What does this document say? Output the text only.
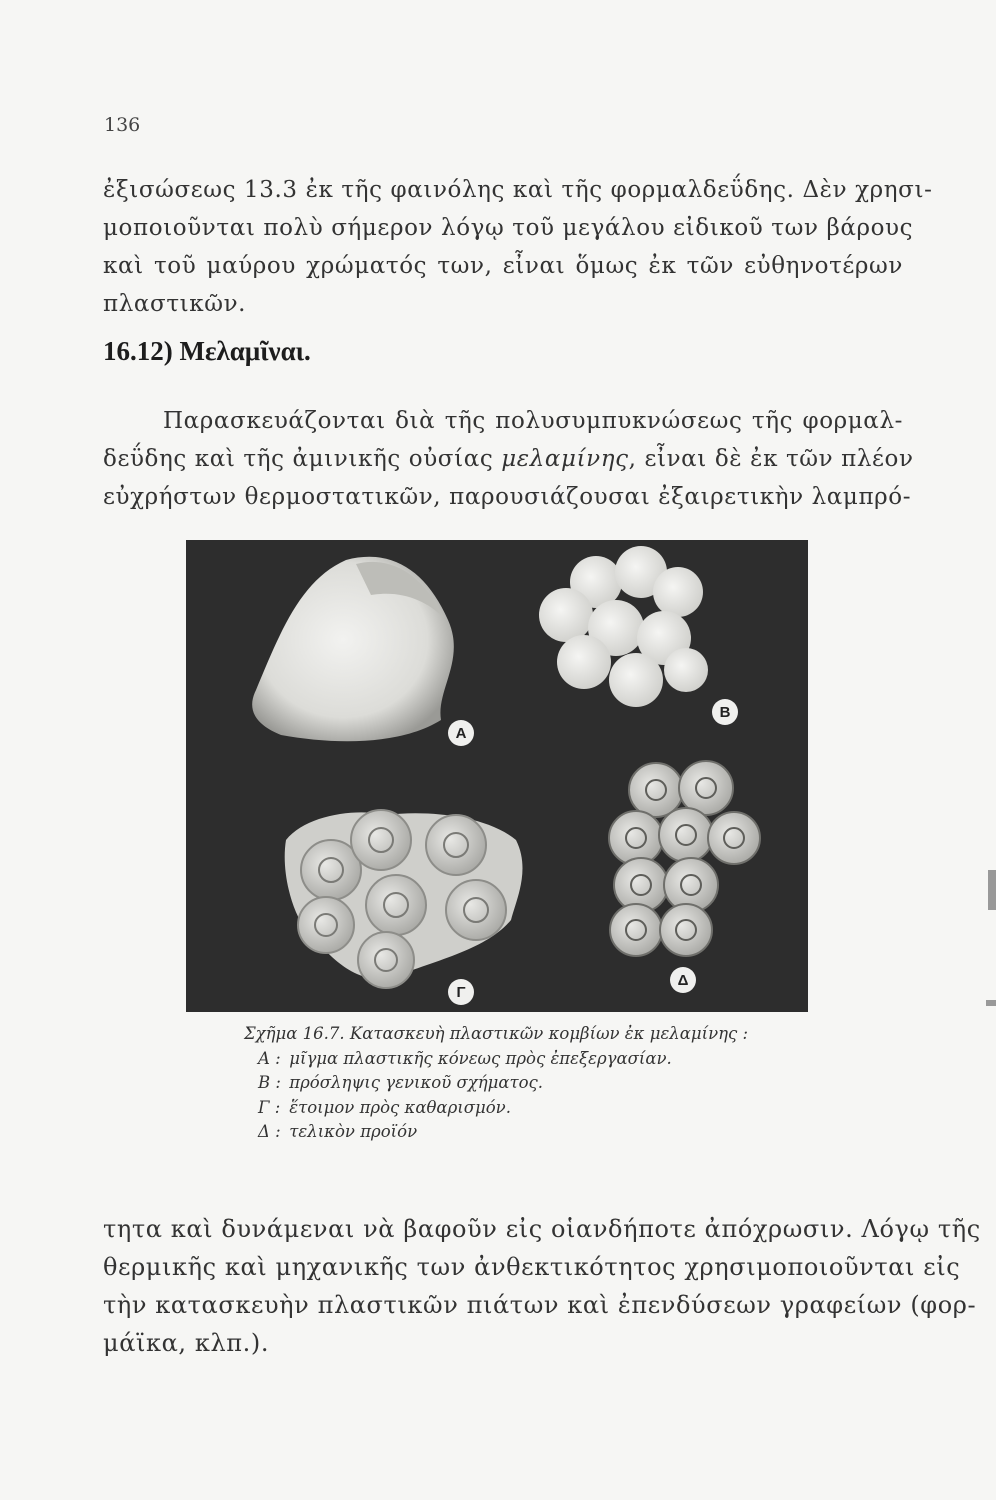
136

ἐξισώσεως 13.3 ἐκ τῆς φαινόλης καὶ τῆς φορμαλδεΰδης. Δὲν χρησι-
μοποιοῦνται πολὺ σήμερον λόγῳ τοῦ μεγάλου εἰδικοῦ των βάρους
καὶ τοῦ μαύρου χρώματός των, εἶναι ὅμως ἐκ τῶν εὐθηνοτέρων
πλαστικῶν.

16.12) Μελαμῖναι.

Παρασκευάζονται διὰ τῆς πολυσυμπυκνώσεως τῆς φορμαλ-
δεΰδης καὶ τῆς ἀμινικῆς οὐσίας μελαμίνης, εἶναι δὲ ἐκ τῶν πλέον
εὐχρήστων θερμοστατικῶν, παρουσιάζουσαι ἐξαιρετικὴν λαμπρό-

A
B
Γ
Δ
Σχῆμα 16.7. Κατασκευὴ πλαστικῶν κομβίων ἐκ μελαμίνης :
Α : μῖγμα πλαστικῆς κόνεως πρὸς ἐπεξεργασίαν.
Β : πρόσληψις γενικοῦ σχήματος.
Γ : ἕτοιμον πρὸς καθαρισμόν.
Δ : τελικὸν προϊόν

τητα καὶ δυνάμεναι νὰ βαφοῦν εἰς οἱανδήποτε ἀπόχρωσιν. Λόγῳ τῆς
θερμικῆς καὶ μηχανικῆς των ἀνθεκτικότητος χρησιμοποιοῦνται εἰς
τὴν κατασκευὴν πλαστικῶν πιάτων καὶ ἐπενδύσεων γραφείων (φορ-
μάϊκα, κλπ.).
